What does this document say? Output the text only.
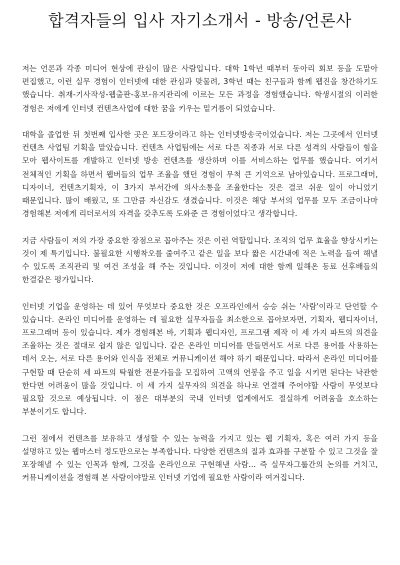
합격자들의 입사 자기소개서 - 방송/언론사

저는 언론과 각종 미디어 현상에 관심이 많은 사람입니다. 대학 1학년 때부터 동아리 회보 등을 도맡아 편집했고, 이런 실무 경험이 인터넷에 대한 관심과 맞물려, 3학년 때는 친구들과 함께 웹진을 창간하기도 했습니다. 취재-기사작성-웹출판-홍보-유지관리에 이르는 모든 과정을 경험했습니다. 학생시절의 이러한 경험은 저에게 인터넷 컨텐츠사업에 대한 꿈을 키우는 밑거름이 되었습니다.

대학을 졸업한 뒤 첫번째 입사한 곳은 포드장이라고 하는 인터넷방송국이었습니다. 저는 그곳에서 인터넷 컨텐츠 사업팀 기획을 맡았습니다. 컨텐츠 사업팀에는 서로 다른 직종과 서로 다른 성격의 사람들이 힘을 모아 웹사이트를 개발하고 인터넷 방송 컨텐츠를 생산하며 이를 서비스하는 업무를 했습니다. 여기서 전체적인 기획을 하면서 웹버들의 업무 조율을 했던 경험이 무척 큰 기억으로 남아있습니다. 프로그래머, 디자이너, 컨텐츠기획자, 이 3가지 부서간에 의사소통을 조율한다는 것은 결코 쉬운 일이 아니었기 때문입니다. 많이 배웠고, 또 그만큼 자신감도 생겼습니다. 이것은 해당 부서의 업무를 모두 조금이나마 경험해본 저에게 리더로서의 자격을 갖추도록 도와준 큰 경험이었다고 생각합니다.

지금 사람들이 저의 가장 중요한 장점으로 꼽아주는 것은 이런 역할입니다. 조직의 업무 효율을 향상시키는 것이 제 특기입니다. 불필요한 시행착오를 줄여주고 같은 일을 보다 짧은 시간내에 적은 노력을 들여 해낼 수 있도록 조직관리 및 여건 조성을 해 주는 것입니다. 이것이 저에 대한 함께 일해온 동료 선후배들의 한결같은 평가입니다.

인터넷 기업을 운영하는 데 있어 무엇보다 중요한 것은 오프라인에서 승승 쉬는 '사람'이라고 단언할 수 있습니다. 온라인 미디어를 운영하는 데 필요한 실무자들을 최소한으로 꼽아보자면, 기획자, 웹디자이너, 프로그래머 등이 있습니다. 제가 경험해본 바, 기획과 웹디자인, 프로그램 제작 이 세 가지 파트의 의견을 조율하는 것은 절대로 쉽지 않은 일입니다. 같은 온라인 미디어를 만들면서도 서로 다른 용어를 사용하는 데서 오는, 서로 다른 용어와 인식을 전체로 커뮤니케이션 해야 하기 때문입니다. 따라서 온라인 미디어를 구현할 때 단순히 세 파트의 탁월한 전문가들을 모집하여 고액의 연봉을 주고 일을 시키면 된다는 낙관한 한다면 어려움이 많을 것입니다. 이 세 가지 실무자의 의견을 하나로 연결해 주어야할 사람이 무엇보다 필요할 것으로 예상됩니다. 이 점은 대부분의 국내 인터넷 업계에서도 절실하게 어려움을 호소하는 부분이기도 합니다.

그런 점에서 컨텐츠를 보유하고 생성할 수 있는 능력을 가지고 있는 웹 기획자, 혹은 여러 가지 등을 설명하고 있는 웹마스터 정도만으로는 부족합니다. 다양한 컨텐츠의 질과 효과를 구분할 수 있고 그것을 잘 포장해낼 수 있는 인목과 함께, 그것을 온라인으로 구현해낸 사람... 즉 실무자그룹간의 논의를 거치고, 커뮤니케이션을 경험해 본 사람이야말로 인터넷 기업에 필요한 사람이라 여겨집니다.
